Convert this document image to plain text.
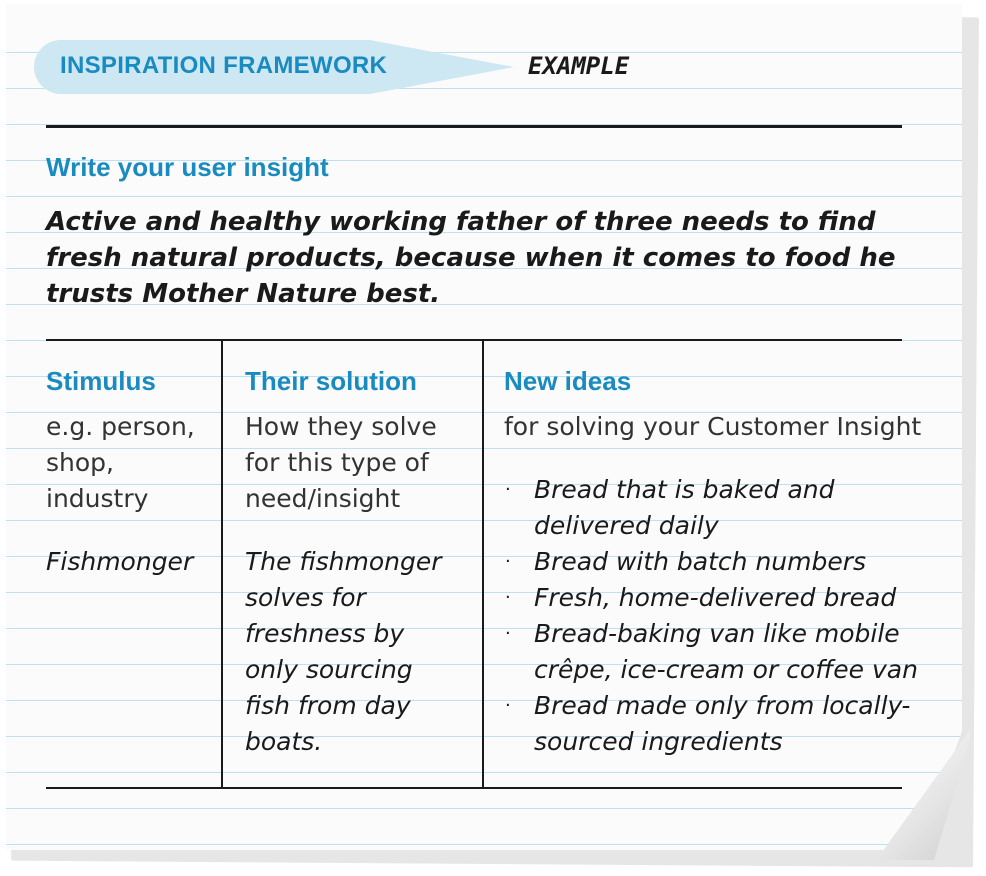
INSPIRATION FRAMEWORK	EXAMPLE
Write your user insight
Active and healthy working father of three needs to find fresh natural products, because when it comes to food he trusts Mother Nature best.
Stimulus
e.g. person, shop, industry
Fishmonger
Their solution
How they solve for this type of need/insight
The fishmonger solves for freshness by only sourcing fish from day boats.
New ideas
for solving your Customer Insight
· Bread that is baked and delivered daily
· Bread with batch numbers
· Fresh, home-delivered bread
· Bread-baking van like mobile crêpe, ice-cream or coffee van
· Bread made only from locally-sourced ingredients
